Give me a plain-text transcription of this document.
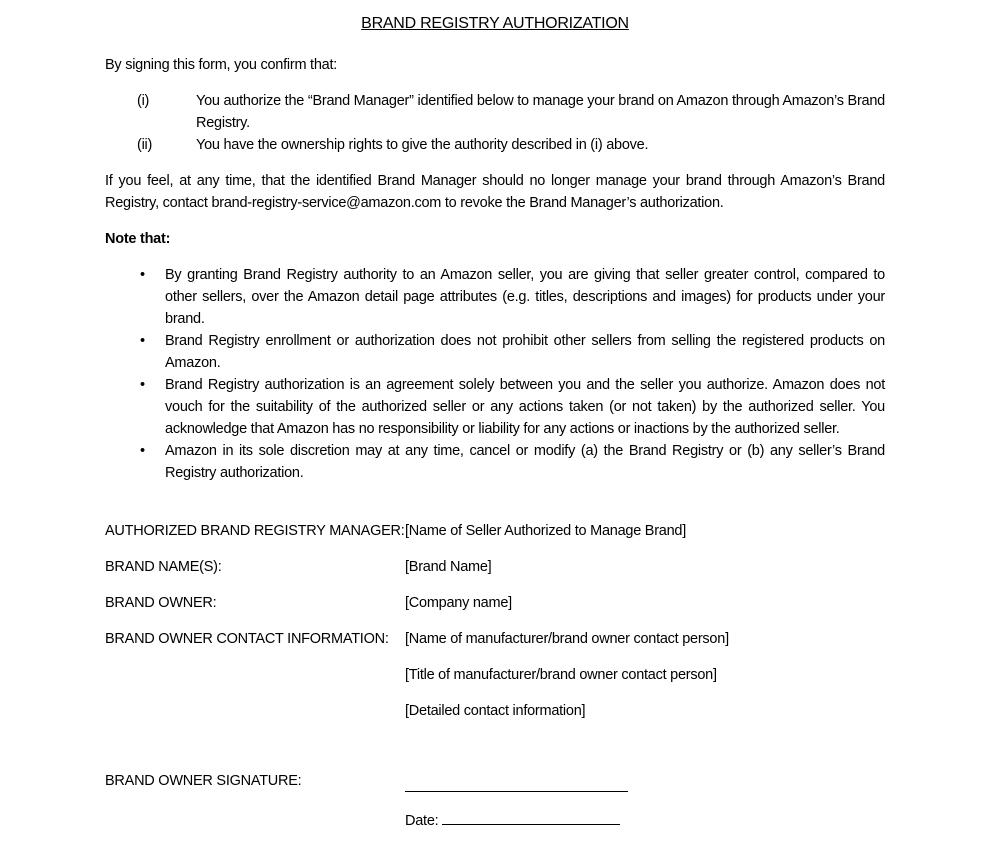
BRAND REGISTRY AUTHORIZATION

By signing this form, you confirm that:

(i)	You authorize the “Brand Manager” identified below to manage your brand on Amazon through Amazon’s Brand Registry.
(ii)	You have the ownership rights to give the authority described in (i) above.

If you feel, at any time, that the identified Brand Manager should no longer manage your brand through Amazon’s Brand Registry, contact brand-registry-service@amazon.com to revoke the Brand Manager’s authorization.

Note that:

•	By granting Brand Registry authority to an Amazon seller, you are giving that seller greater control, compared to other sellers, over the Amazon detail page attributes (e.g. titles, descriptions and images) for products under your brand.
•	Brand Registry enrollment or authorization does not prohibit other sellers from selling the registered products on Amazon.
•	Brand Registry authorization is an agreement solely between you and the seller you authorize. Amazon does not vouch for the suitability of the authorized seller or any actions taken (or not taken) by the authorized seller. You acknowledge that Amazon has no responsibility or liability for any actions or inactions by the authorized seller.
•	Amazon in its sole discretion may at any time, cancel or modify (a) the Brand Registry or (b) any seller’s Brand Registry authorization.
AUTHORIZED BRAND REGISTRY MANAGER: [Name of Seller Authorized to Manage Brand]
BRAND NAME(S):	[Brand Name]
BRAND OWNER:	[Company name]
BRAND OWNER CONTACT INFORMATION:	[Name of manufacturer/brand owner contact person]
[Title of manufacturer/brand owner contact person]
[Detailed contact information]
BRAND OWNER SIGNATURE:
Date:
